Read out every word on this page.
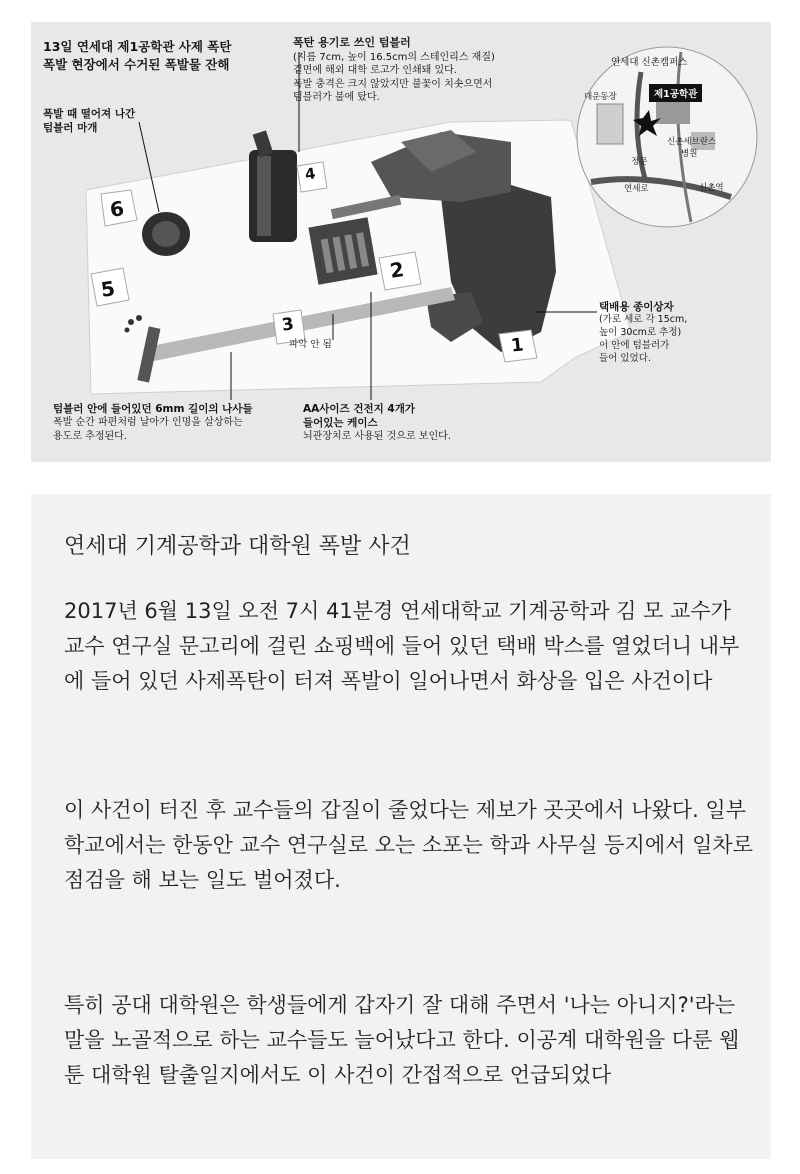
13일 연세대 제1공학관 사제 폭탄
폭발 현장에서 수거된 폭발물 잔해
폭탄 용기로 쓰인 텀블러
(지름 7cm, 높이 16.5cm의 스테인리스 재질)
겉면에 해외 대학 로고가 인쇄돼 있다.
폭발 충격은 크지 않았지만 불꽃이 치솟으면서
텀블러가 불에 탔다.
폭발 때 떨어져 나간
텀블러 마개
텀블러 안에 들어있던 6mm 길이의 나사들
폭발 순간 파편처럼 날아가 인명을 살상하는
용도로 추정된다.
AA사이즈 건전지 4개가
들어있는 케이스
뇌관장치로 사용된 것으로 보인다.
택배용 종이상자
(가로 세로 각 15cm,
높이 30cm로 추정)
이 안에 텀블러가
들어 있었다.
파악 안 됨
6
5
3
4
2
1
연세대 신촌캠퍼스
제1공학관
대운동장
신촌세브란스
병원
정문
연세로	신촌역

연세대 기계공학과 대학원 폭발 사건

2017년 6월 13일 오전 7시 41분경 연세대학교 기계공학과 김 모 교수가 교수 연구실 문고리에 걸린 쇼핑백에 들어 있던 택배 박스를 열었더니 내부에 들어 있던 사제폭탄이 터져 폭발이 일어나면서 화상을 입은 사건이다

이 사건이 터진 후 교수들의 갑질이 줄었다는 제보가 곳곳에서 나왔다. 일부 학교에서는 한동안 교수 연구실로 오는 소포는 학과 사무실 등지에서 일차로 점검을 해 보는 일도 벌어졌다.

특히 공대 대학원은 학생들에게 갑자기 잘 대해 주면서 '나는 아니지?'라는 말을 노골적으로 하는 교수들도 늘어났다고 한다. 이공계 대학원을 다룬 웹툰 대학원 탈출일지에서도 이 사건이 간접적으로 언급되었다
